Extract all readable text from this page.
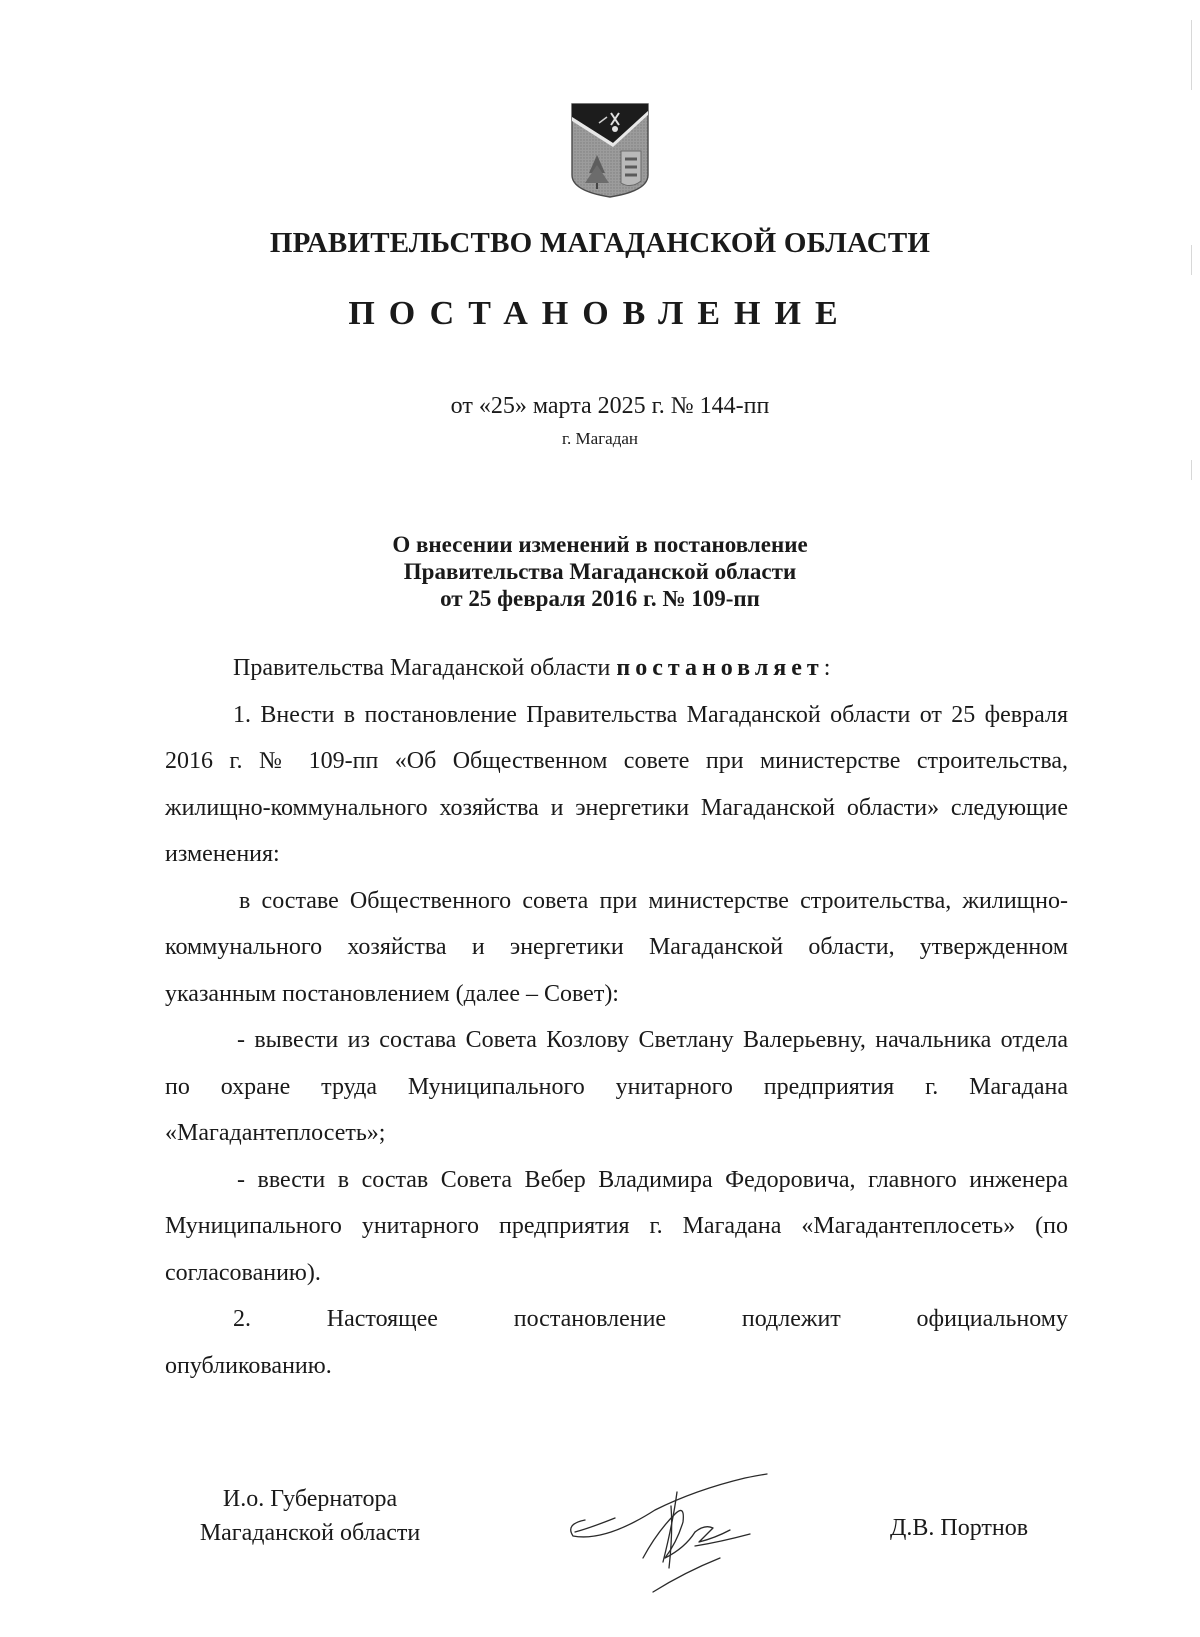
ПРАВИТЕЛЬСТВО МАГАДАНСКОЙ ОБЛАСТИ
ПОСТАНОВЛЕНИЕ
от «25» марта 2025 г. № 144-пп
г. Магадан
О внесении изменений в постановление
Правительства Магаданской области
от 25 февраля 2016 г. № 109-пп

Правительства Магаданской области постановляет:

1. Внести в постановление Правительства Магаданской области от 25 февраля 2016 г. № 109-пп «Об Общественном совете при министерстве строительства, жилищно-коммунального хозяйства и энергетики Магаданской области» следующие изменения:

в составе Общественного совета при министерстве строительства, жилищно-коммунального хозяйства и энергетики Магаданской области, утвержденном указанным постановлением (далее – Совет):

- вывести из состава Совета Козлову Светлану Валерьевну, начальника отдела по охране труда Муниципального унитарного предприятия г. Магадана «Магадантеплосеть»;

- ввести в состав Совета Вебер Владимира Федоровича, главного инженера Муниципального унитарного предприятия г. Магадана «Магадантеплосеть» (по согласованию).

2. Настоящее постановление подлежит официальному

опубликованию.

И.о. Губернатора
Магаданской области	Д.В. Портнов
